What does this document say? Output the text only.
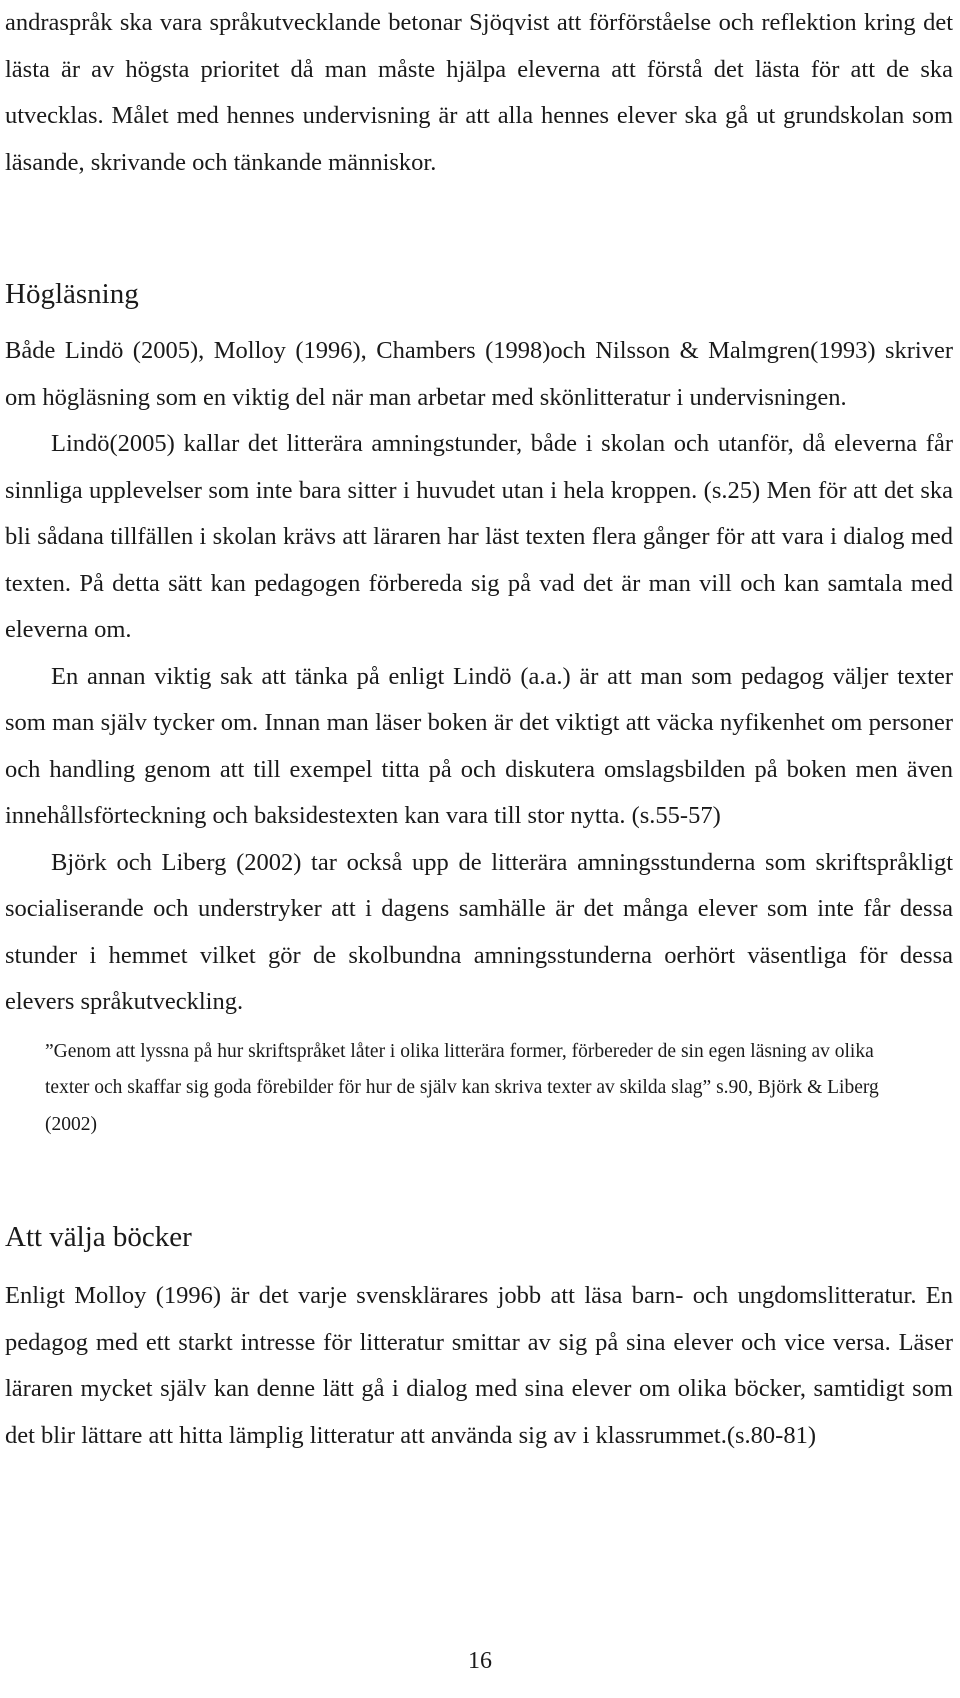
andraspråk ska vara språkutvecklande betonar Sjöqvist att förförståelse och reflektion kring det lästa är av högsta prioritet då man måste hjälpa eleverna att förstå det lästa för att de ska utvecklas. Målet med hennes undervisning är att alla hennes elever ska gå ut grundskolan som läsande, skrivande och tänkande människor.

Högläsning

Både Lindö (2005), Molloy (1996), Chambers (1998)och Nilsson & Malmgren(1993) skriver om högläsning som en viktig del när man arbetar med skönlitteratur i undervisningen.

Lindö(2005) kallar det litterära amningstunder, både i skolan och utanför, då eleverna får sinnliga upplevelser som inte bara sitter i huvudet utan i hela kroppen. (s.25) Men för att det ska bli sådana tillfällen i skolan krävs att läraren har läst texten flera gånger för att vara i dialog med texten. På detta sätt kan pedagogen förbereda sig på vad det är man vill och kan samtala med eleverna om.

En annan viktig sak att tänka på enligt Lindö (a.a.) är att man som pedagog väljer texter som man själv tycker om. Innan man läser boken är det viktigt att väcka nyfikenhet om personer och handling genom att till exempel titta på och diskutera omslagsbilden på boken men även innehållsförteckning och baksidestexten kan vara till stor nytta. (s.55-57)

Björk och Liberg (2002) tar också upp de litterära amningsstunderna som skriftspråkligt socialiserande och understryker att i dagens samhälle är det många elever som inte får dessa stunder i hemmet vilket gör de skolbundna amningsstunderna oerhört väsentliga för dessa elevers språkutveckling.

”Genom att lyssna på hur skriftspråket låter i olika litterära former, förbereder de sin egen läsning av olika texter och skaffar sig goda förebilder för hur de själv kan skriva texter av skilda slag” s.90, Björk & Liberg (2002)

Att välja böcker

Enligt Molloy (1996) är det varje svensklärares jobb att läsa barn- och ungdomslitteratur. En pedagog med ett starkt intresse för litteratur smittar av sig på sina elever och vice versa. Läser läraren mycket själv kan denne lätt gå i dialog med sina elever om olika böcker, samtidigt som det blir lättare att hitta lämplig litteratur att använda sig av i klassrummet.(s.80-81)

16
